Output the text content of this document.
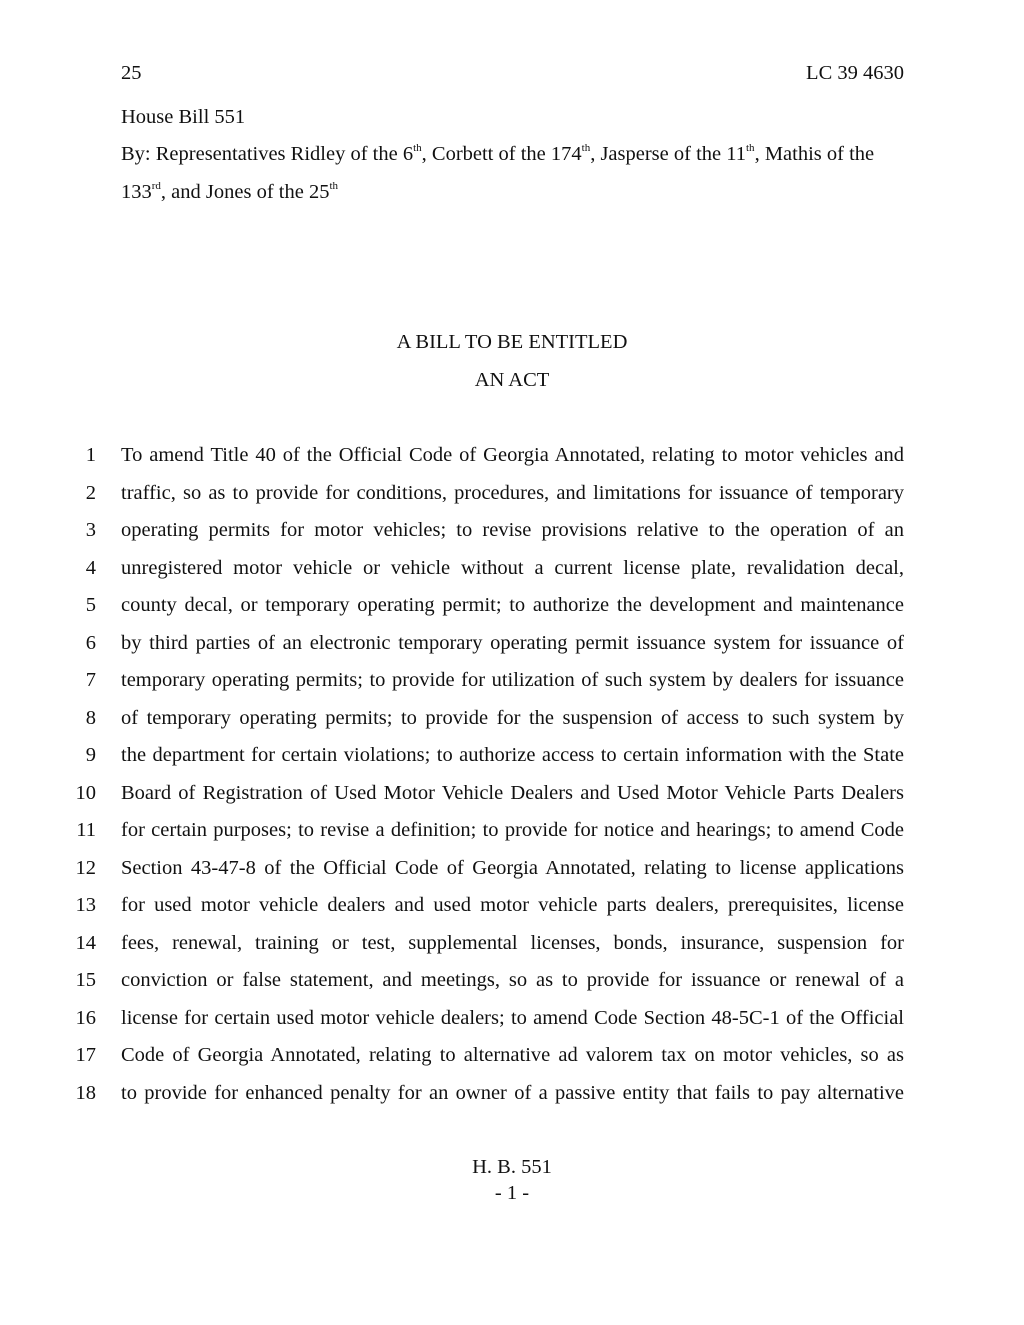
25	LC 39 4630
House Bill 551
By: Representatives Ridley of the 6th, Corbett of the 174th, Jasperse of the 11th, Mathis of the
133rd, and Jones of the 25th
A BILL TO BE ENTITLED
AN ACT
1 To amend Title 40 of the Official Code of Georgia Annotated, relating to motor vehicles and
2 traffic, so as to provide for conditions, procedures, and limitations for issuance of temporary
3 operating permits for motor vehicles; to revise provisions relative to the operation of an
4 unregistered motor vehicle or vehicle without a current license plate, revalidation decal,
5 county decal, or temporary operating permit; to authorize the development and maintenance
6 by third parties of an electronic temporary operating permit issuance system for issuance of
7 temporary operating permits; to provide for utilization of such system by dealers for issuance
8 of temporary operating permits; to provide for the suspension of access to such system by
9 the department for certain violations; to authorize access to certain information with the State
10 Board of Registration of Used Motor Vehicle Dealers and Used Motor Vehicle Parts Dealers
11 for certain purposes; to revise a definition; to provide for notice and hearings; to amend Code
12 Section 43-47-8 of the Official Code of Georgia Annotated, relating to license applications
13 for used motor vehicle dealers and used motor vehicle parts dealers, prerequisites, license
14 fees, renewal, training or test, supplemental licenses, bonds, insurance, suspension for
15 conviction or false statement, and meetings, so as to provide for issuance or renewal of a
16 license for certain used motor vehicle dealers; to amend Code Section 48-5C-1 of the Official
17 Code of Georgia Annotated, relating to alternative ad valorem tax on motor vehicles, so as
18 to provide for enhanced penalty for an owner of a passive entity that fails to pay alternative
H. B. 551
- 1 -
